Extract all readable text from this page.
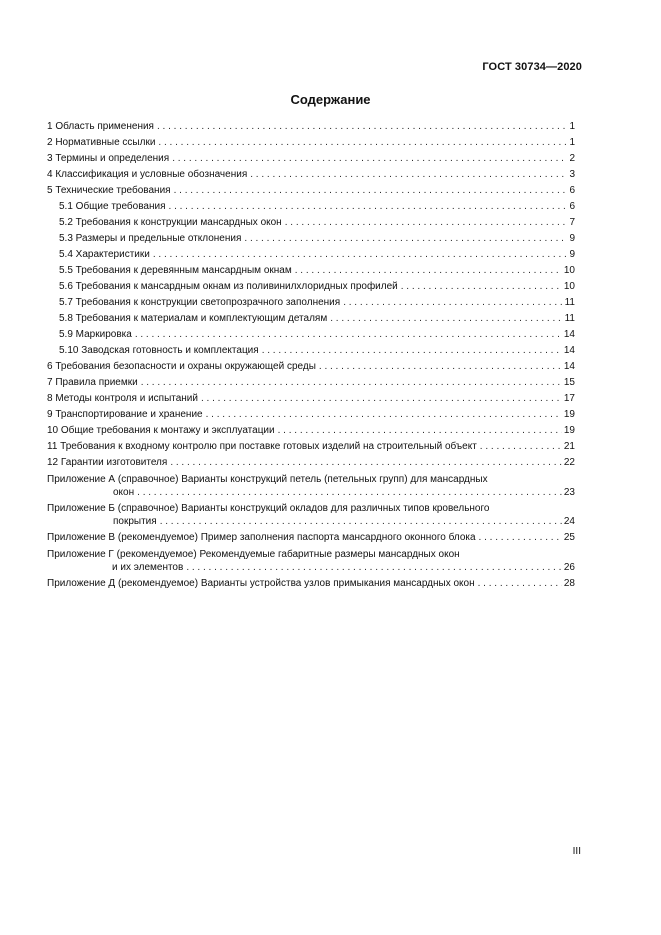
ГОСТ 30734—2020
Содержание
1 Область применения . . .	1
2 Нормативные ссылки . . .	1
3 Термины и определения . . .	2
4 Классификация и условные обозначения . . .	3
5 Технические требования . . .	6
5.1 Общие требования . . .	6
5.2 Требования к конструкции мансардных окон . . .	7
5.3 Размеры и предельные отклонения . . .	9
5.4 Характеристики . . .	9
5.5 Требования к деревянным мансардным окнам . . .	10
5.6 Требования к мансардным окнам из поливинилхлоридных профилей . . .	10
5.7 Требования к конструкции светопрозрачного заполнения . . .	11
5.8 Требования к материалам и комплектующим деталям . . .	11
5.9 Маркировка . . .	14
5.10 Заводская готовность и комплектация . . .	14
6 Требования безопасности и охраны окружающей среды . . .	14
7 Правила приемки . . .	15
8 Методы контроля и испытаний . . .	17
9 Транспортирование и хранение . . .	19
10 Общие требования к монтажу и эксплуатации . . .	19
11 Требования к входному контролю при поставке готовых изделий на строительный объект . . .	21
12 Гарантии изготовителя . . .	22
Приложение А (справочное) Варианты конструкций петель (петельных групп) для мансардных
окон . . .	23
Приложение Б (справочное) Варианты конструкций окладов для различных типов кровельного
покрытия . . .	24
Приложение В (рекомендуемое) Пример заполнения паспорта мансардного оконного блока . . .	25
Приложение Г (рекомендуемое) Рекомендуемые габаритные размеры мансардных окон
и их элементов . . .	26
Приложение Д (рекомендуемое) Варианты устройства узлов примыкания мансардных окон . . .	28
III
